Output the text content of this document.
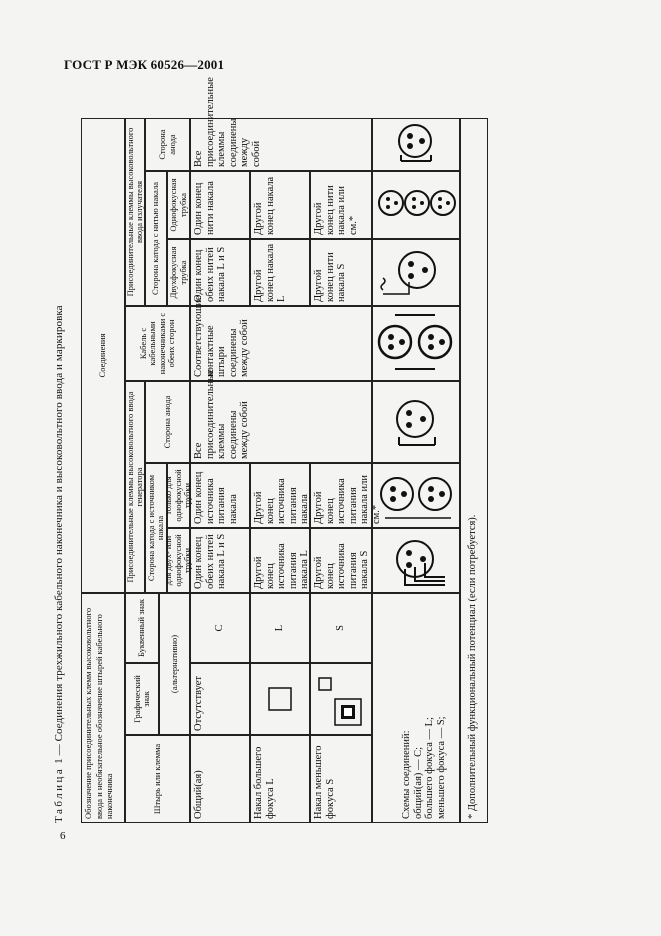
ГОСТ Р МЭК 60526—2001
6
Таблица 1 — Соединения трехжильного кабельного наконечника и высоковольтного ввода и маркировка Обозначение присоединительных клемм высоковольтного ввода и необязательное обозначение штырей кабельного наконечника	Штырь или клемма
Графический знак
Буквенный знак
(альтернативно)
Соединения
Присоединительные клеммы высоковольтного ввода генератора Сторона катода с источником накала
для двух- или однофокусной трубки
только для однофокусной трубки
Сторона анода
Кабель с кабельными наконечниками с обеих сторон
Присоединительные клеммы высоковольтного ввода излучателя Сторона катода с нитью накала Двухфокусная трубка
Однофокусная трубка
Сторона анода
Общий(ая)
Отсутствует
C
Один конец обеих нитей накала L и S
Один конец источника питания накала
Все присоединительные клеммы соединены между собой
Соответствующие контактные штыри соединены между собой
Один конец обеих нитей накала L и S
Один конец нити накала
Все присоединительные клеммы соединены между собой
Накал большего фокуса L
L
Другой конец источника питания накала L
Другой конец источника питания накала
Другой конец накала L
Другой конец накала
Накал меньшего фокуса S
S
Другой конец источника питания накала S
Другой конец источника питания накала или см.*
Другой конец нити накала S
Другой конец нити накала или см.*
Схемы соединений: общий(ая) — C; большего фокуса — L; меньшего фокуса — S;	* Дополнительный функциональный потенциал (если потребуется).
